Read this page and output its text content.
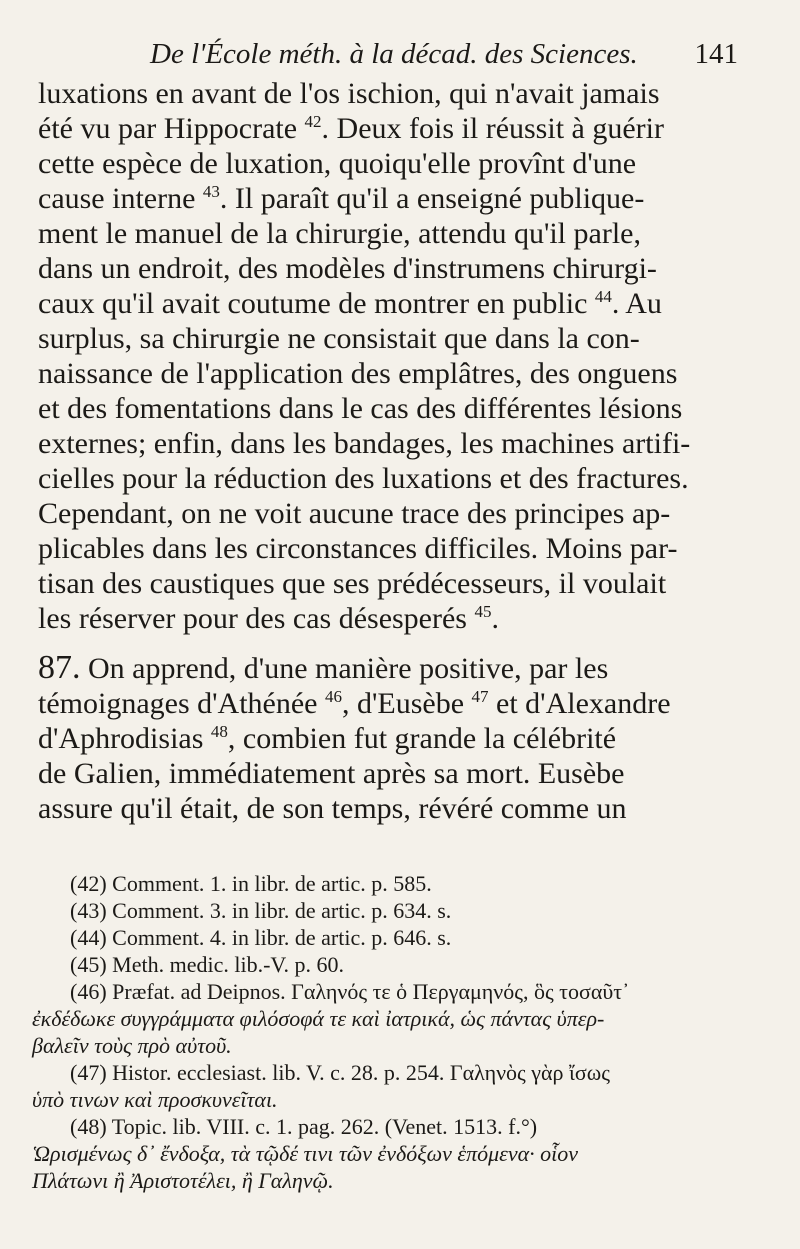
De l'École méth. à la décad. des Sciences. 141
luxations en avant de l'os ischion, qui n'avait jamais
été vu par Hippocrate $^{42}$. Deux fois il réussit à guérir
cette espèce de luxation, quoiqu'elle provînt d'une
cause interne $^{43}$. Il paraît qu'il a enseigné publique-
ment le manuel de la chirurgie, attendu qu'il parle,
dans un endroit, des modèles d'instrumens chirurgi-
caux qu'il avait coutume de montrer en public $^{44}$. Au
surplus, sa chirurgie ne consistait que dans la con-
naissance de l'application des emplâtres, des onguens
et des fomentations dans le cas des différentes lésions
externes; enfin, dans les bandages, les machines artifi-
cielles pour la réduction des luxations et des fractures.
Cependant, on ne voit aucune trace des principes ap-
plicables dans les circonstances difficiles. Moins par-
tisan des caustiques que ses prédécesseurs, il voulait
les réserver pour des cas désesperés $^{45}$.
87. On apprend, d'une manière positive, par les
témoignages d'Athénée $^{46}$, d'Eusèbe $^{47}$ et d'Alexandre
d'Aphrodisias $^{48}$, combien fut grande la célébrité
de Galien, immédiatement après sa mort. Eusèbe
assure qu'il était, de son temps, révéré comme un
(42) Comment. 1. in libr. de artic. p. 585.
(43) Comment. 3. in libr. de artic. p. 634. s.
(44) Comment. 4. in libr. de artic. p. 646. s.
(45) Meth. medic. lib.-V. p. 60.
(46) Præfat. ad Deipnos. Γαληνός τε ὁ Περγαμηνός, ὃς τοσαῦτ᾽
ἐκδέδωκε συγγράμματα φιλόσοφά τε καὶ ἰατρικά, ὡς πάντας ὑπερ-
βαλεῖν τοὺς πρὸ αὐτοῦ.
(47) Histor. ecclesiast. lib. V. c. 28. p. 254. Γαληνὸς γὰρ ἴσως
ὑπὸ τινων καὶ προσκυνεῖται.
(48) Topic. lib. VIII. c. 1. pag. 262. (Venet. 1513. f.°)
Ὡρισμένως δ᾽ ἔνδοξα, τὰ τῷδέ τινι τῶν ἐνδόξων ἑπόμενα· οἷον
Πλάτωνι ἢ Ἀριστοτέλει, ἢ Γαληνῷ.
